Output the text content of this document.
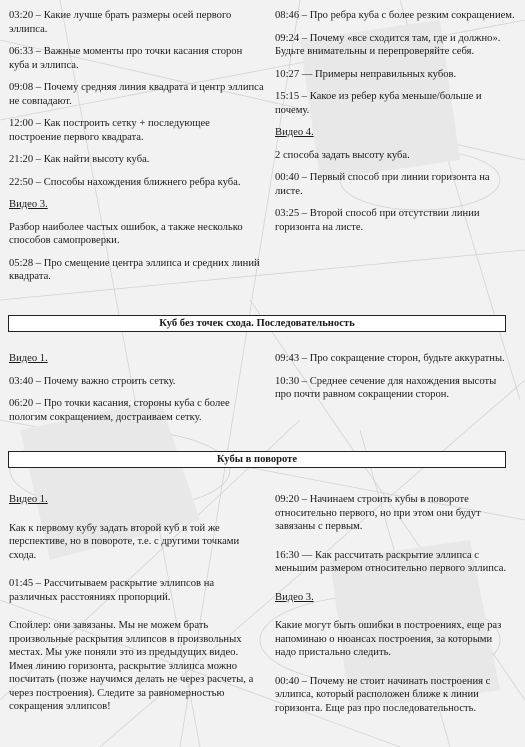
03:20 – Какие лучше брать размеры осей первого эллипса.

06:33 – Важные моменты про точки касания сторон куба и эллипса.

09:08 – Почему средняя линия квадрата и центр эллипса не совпадают.

12:00 – Как построить сетку + последующее построение первого квадрата.

21:20 – Как найти высоту куба.

22:50 – Способы нахождения ближнего ребра куба.

Видео 3.

Разбор наиболее частых ошибок, а также несколько способов самопроверки.

05:28 – Про смещение центра эллипса и средних линий квадрата.

08:46 – Про ребра куба с более резким сокращением.

09:24 – Почему «все сходится там, где и должно». Будьте внимательны и перепроверяйте себя.

10:27 — Примеры неправильных кубов.

15:15 – Какое из ребер куба меньше/больше и почему.

Видео 4.

2 способа задать высоту куба.

00:40 – Первый способ при линии горизонта на листе.

03:25 – Второй способ при отсутствии линии горизонта на листе.

Куб без точек схода. Последовательность

Видео 1.

03:40 – Почему важно строить сетку.

06:20 – Про точки касания, стороны куба с более пологим сокращением, достраиваем сетку.

09:43 – Про сокращение сторон, будьте аккуратны.

10:30 – Среднее сечение для нахождения высоты про почти равном сокращении сторон.

Кубы в повороте

Видео 1.

Как к первому кубу задать второй куб в той же перспективе, но в повороте, т.е. с другими точками схода.

01:45 – Рассчитываем раскрытие эллипсов на различных расстояниях пропорций.

Спойлер: они завязаны. Мы не можем брать произвольные раскрытия эллипсов в произвольных местах. Мы уже поняли это из предыдущих видео. Имея линию горизонта, раскрытие эллипса можно посчитать (позже научимся делать не через расчеты, а через построения). Следите за равномерностью сокращения эллипсов!

09:20 – Начинаем строить кубы в повороте относительно первого, но при этом они будут завязаны с первым.

16:30 — Как рассчитать раскрытие эллипса с меньшим размером относительно первого эллипса.

Видео 3.

Какие могут быть ошибки в построениях, еще раз напоминаю о нюансах построения, за которыми надо пристально следить.

00:40 – Почему не стоит начинать построения с эллипса, который расположен ближе к линии горизонта. Еще раз про последовательность.
